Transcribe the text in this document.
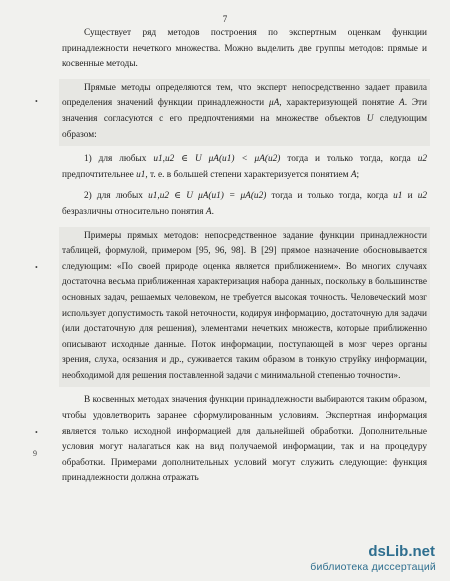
7
•
•
•
9

Существует ряд методов построения по экспертным оценкам функции принадлежности нечеткого множества. Можно выделить две группы методов: прямые и косвенные методы.

Прямые методы определяются тем, что эксперт непосредственно задает правила определения значений функции принадлежности μA, характеризующей понятие A. Эти значения согласуются с его предпочтениями на множестве объектов U следующим образом:

1) для любых u1,u2 ∈ U μA(u1) < μA(u2) тогда и только тогда, когда u2 предпочтительнее u1, т. е. в большей степени характеризуется понятием A;

2) для любых u1,u2 ∈ U μA(u1) = μA(u2) тогда и только тогда, когда u1 и u2 безразличны относительно понятия A.

Примеры прямых методов: непосредственное задание функции принадлежности таблицей, формулой, примером [95, 96, 98]. В [29] прямое назначение обосновывается следующим: «По своей природе оценка является приближением». Во многих случаях достаточна весьма приближенная характеризация набора данных, поскольку в большинстве основных задач, решаемых человеком, не требуется высокая точность. Человеческий мозг использует допустимость такой неточности, кодируя информацию, достаточную для задачи (или достаточную для решения), элементами нечетких множеств, которые приближенно описывают исходные данные. Поток информации, поступающей в мозг через органы зрения, слуха, осязания и др., суживается таким образом в тонкую струйку информации, необходимой для решения поставленной задачи с минимальной степенью точности».

В косвенных методах значения функции принадлежности выбираются таким образом, чтобы удовлетворить заранее сформулированным условиям. Экспертная информация является только исходной информацией для дальнейшей обработки. Дополнительные условия могут налагаться как на вид получаемой информации, так и на процедуру обработки. Примерами дополнительных условий могут служить следующие: функция принадлежности должна отражать

dsLib.net
библиотека диссертаций
